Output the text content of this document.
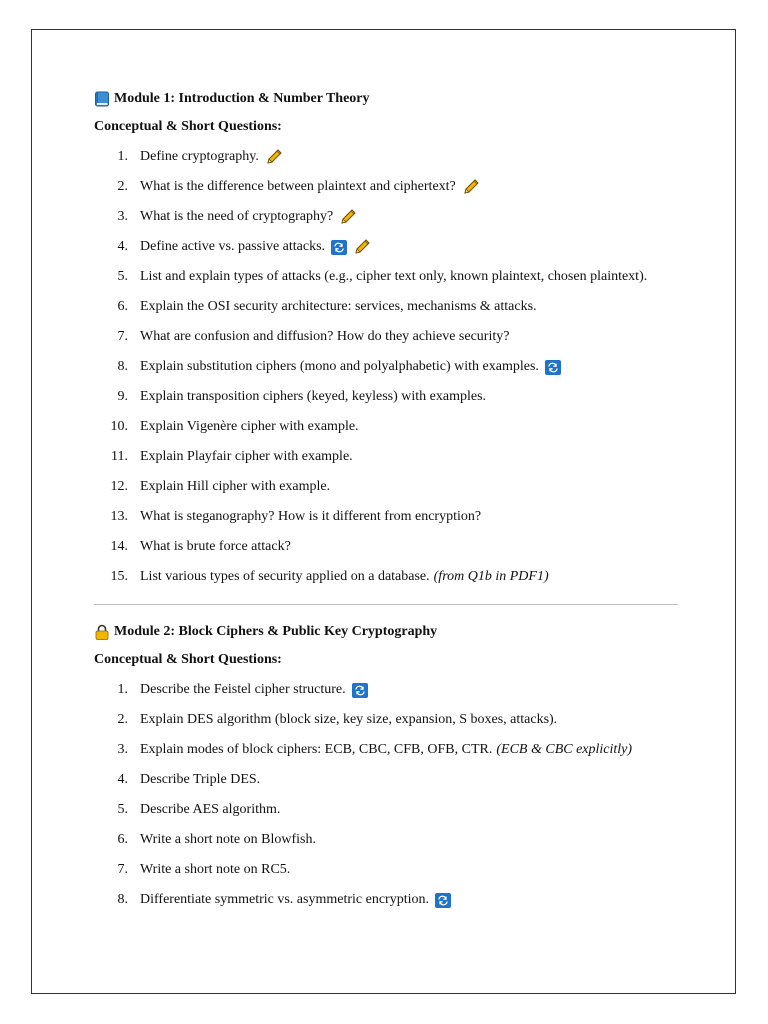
Module 1: Introduction & Number Theory
Conceptual & Short Questions:
1. Define cryptography.
2. What is the difference between plaintext and ciphertext?
3. What is the need of cryptography?
4. Define active vs. passive attacks.
5. List and explain types of attacks (e.g., cipher text only, known plaintext, chosen plaintext).
6. Explain the OSI security architecture: services, mechanisms & attacks.
7. What are confusion and diffusion? How do they achieve security?
8. Explain substitution ciphers (mono and polyalphabetic) with examples.
9. Explain transposition ciphers (keyed, keyless) with examples.
10. Explain Vigenère cipher with example.
11. Explain Playfair cipher with example.
12. Explain Hill cipher with example.
13. What is steganography? How is it different from encryption?
14. What is brute force attack?
15. List various types of security applied on a database. (from Q1b in PDF1)
Module 2: Block Ciphers & Public Key Cryptography
Conceptual & Short Questions:
1. Describe the Feistel cipher structure.
2. Explain DES algorithm (block size, key size, expansion, S boxes, attacks).
3. Explain modes of block ciphers: ECB, CBC, CFB, OFB, CTR. (ECB & CBC explicitly)
4. Describe Triple DES.
5. Describe AES algorithm.
6. Write a short note on Blowfish.
7. Write a short note on RC5.
8. Differentiate symmetric vs. asymmetric encryption.
